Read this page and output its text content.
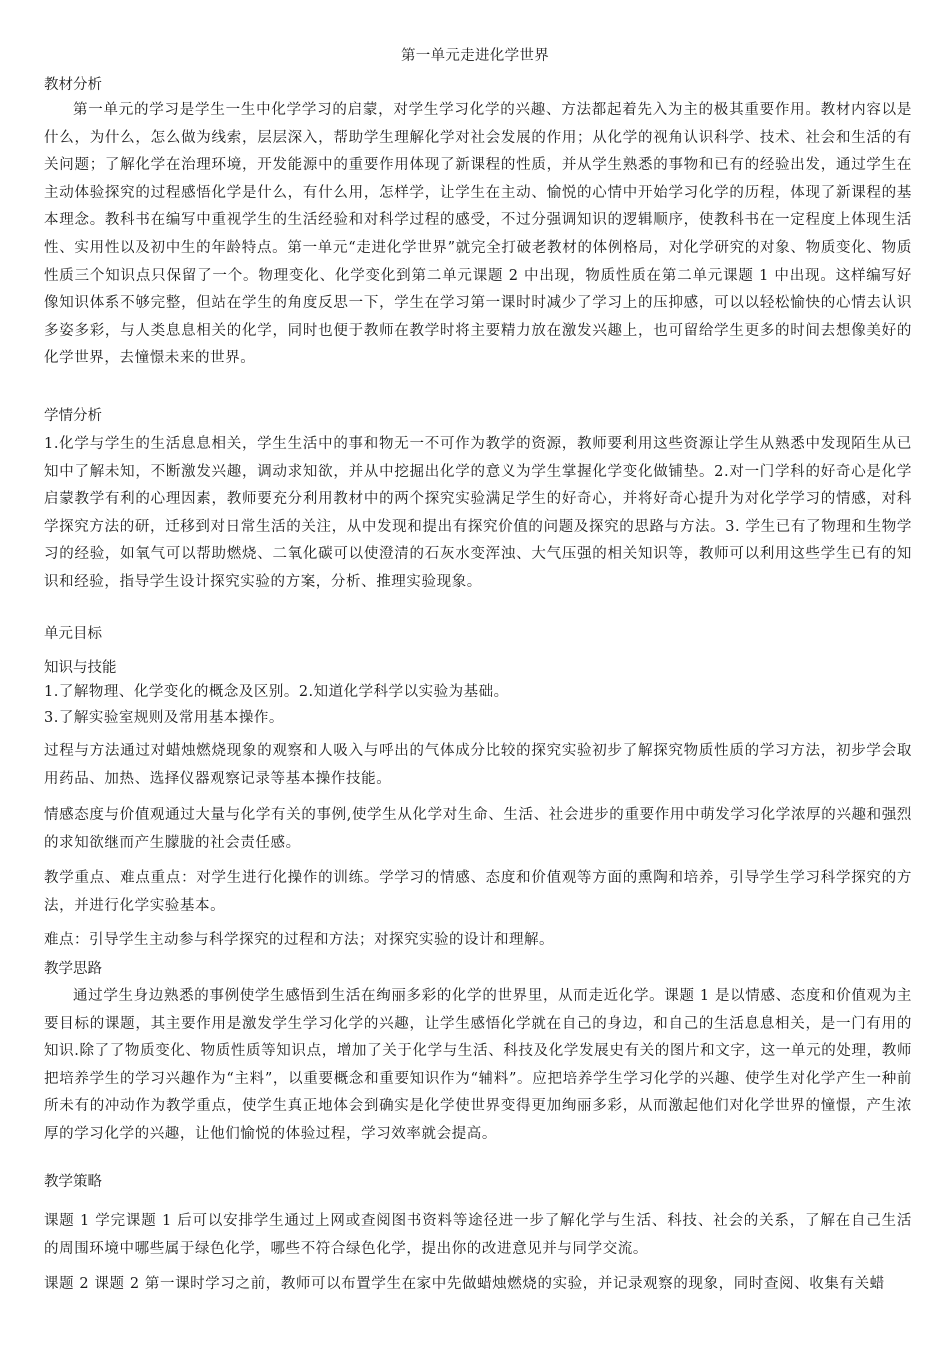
第一单元走进化学世界
教材分析
第一单元的学习是学生一生中化学学习的启蒙，对学生学习化学的兴趣、方法都起着先入为主的极其重要作用。教材内容以是什么，为什么，怎么做为线索，层层深入，帮助学生理解化学对社会发展的作用；从化学的视角认识科学、技术、社会和生活的有关问题；了解化学在治理环境，开发能源中的重要作用体现了新课程的性质，并从学生熟悉的事物和已有的经验出发，通过学生在主动体验探究的过程感悟化学是什么，有什么用，怎样学，让学生在主动、愉悦的心情中开始学习化学的历程，体现了新课程的基本理念。教科书在编写中重视学生的生活经验和对科学过程的感受，不过分强调知识的逻辑顺序，使教科书在一定程度上体现生活性、实用性以及初中生的年龄特点。第一单元“走进化学世界”就完全打破老教材的体例格局，对化学研究的对象、物质变化、物质性质三个知识点只保留了一个。物理变化、化学变化到第二单元课题 2 中出现，物质性质在第二单元课题 1 中出现。这样编写好像知识体系不够完整，但站在学生的角度反思一下，学生在学习第一课时时减少了学习上的压抑感，可以以轻松愉快的心情去认识多姿多彩，与人类息息相关的化学，同时也便于教师在教学时将主要精力放在激发兴趣上，也可留给学生更多的时间去想像美好的化学世界，去憧憬未来的世界。
学情分析
1.化学与学生的生活息息相关，学生生活中的事和物无一不可作为教学的资源，教师要利用这些资源让学生从熟悉中发现陌生从已知中了解未知，不断激发兴趣，调动求知欲，并从中挖掘出化学的意义为学生掌握化学变化做铺垫。2.对一门学科的好奇心是化学启蒙教学有利的心理因素，教师要充分利用教材中的两个探究实验满足学生的好奇心，并将好奇心提升为对化学学习的情感，对科学探究方法的研，迁移到对日常生活的关注，从中发现和提出有探究价值的问题及探究的思路与方法。3. 学生已有了物理和生物学习的经验，如氧气可以帮助燃烧、二氧化碳可以使澄清的石灰水变浑浊、大气压强的相关知识等，教师可以利用这些学生已有的知识和经验，指导学生设计探究实验的方案，分析、推理实验现象。
单元目标
知识与技能
1.了解物理、化学变化的概念及区别。2.知道化学科学以实验为基础。
3.了解实验室规则及常用基本操作。
过程与方法通过对蜡烛燃烧现象的观察和人吸入与呼出的气体成分比较的探究实验初步了解探究物质性质的学习方法，初步学会取用药品、加热、选择仪器观察记录等基本操作技能。
情感态度与价值观通过大量与化学有关的事例,使学生从化学对生命、生活、社会进步的重要作用中萌发学习化学浓厚的兴趣和强烈的求知欲继而产生朦胧的社会责任感。
教学重点、难点重点：对学生进行化操作的训练。学学习的情感、态度和价值观等方面的熏陶和培养，引导学生学习科学探究的方法，并进行化学实验基本。
难点：引导学生主动参与科学探究的过程和方法；对探究实验的设计和理解。
教学思路
通过学生身边熟悉的事例使学生感悟到生活在绚丽多彩的化学的世界里，从而走近化学。课题 1 是以情感、态度和价值观为主要目标的课题，其主要作用是激发学生学习化学的兴趣，让学生感悟化学就在自己的身边，和自己的生活息息相关，是一门有用的知识.除了了物质变化、物质性质等知识点，增加了关于化学与生活、科技及化学发展史有关的图片和文字，这一单元的处理，教师把培养学生的学习兴趣作为“主料”，以重要概念和重要知识作为“辅料”。应把培养学生学习化学的兴趣、使学生对化学产生一种前所未有的冲动作为教学重点，使学生真正地体会到确实是化学使世界变得更加绚丽多彩，从而激起他们对化学世界的憧憬，产生浓厚的学习化学的兴趣，让他们愉悦的体验过程，学习效率就会提高。
教学策略
课题 1 学完课题 1 后可以安排学生通过上网或查阅图书资料等途径进一步了解化学与生活、科技、社会的关系，了解在自己生活的周围环境中哪些属于绿色化学，哪些不符合绿色化学，提出你的改进意见并与同学交流。
课题 2 课题 2 第一课时学习之前，教师可以布置学生在家中先做蜡烛燃烧的实验，并记录观察的现象，同时查阅、收集有关蜡
